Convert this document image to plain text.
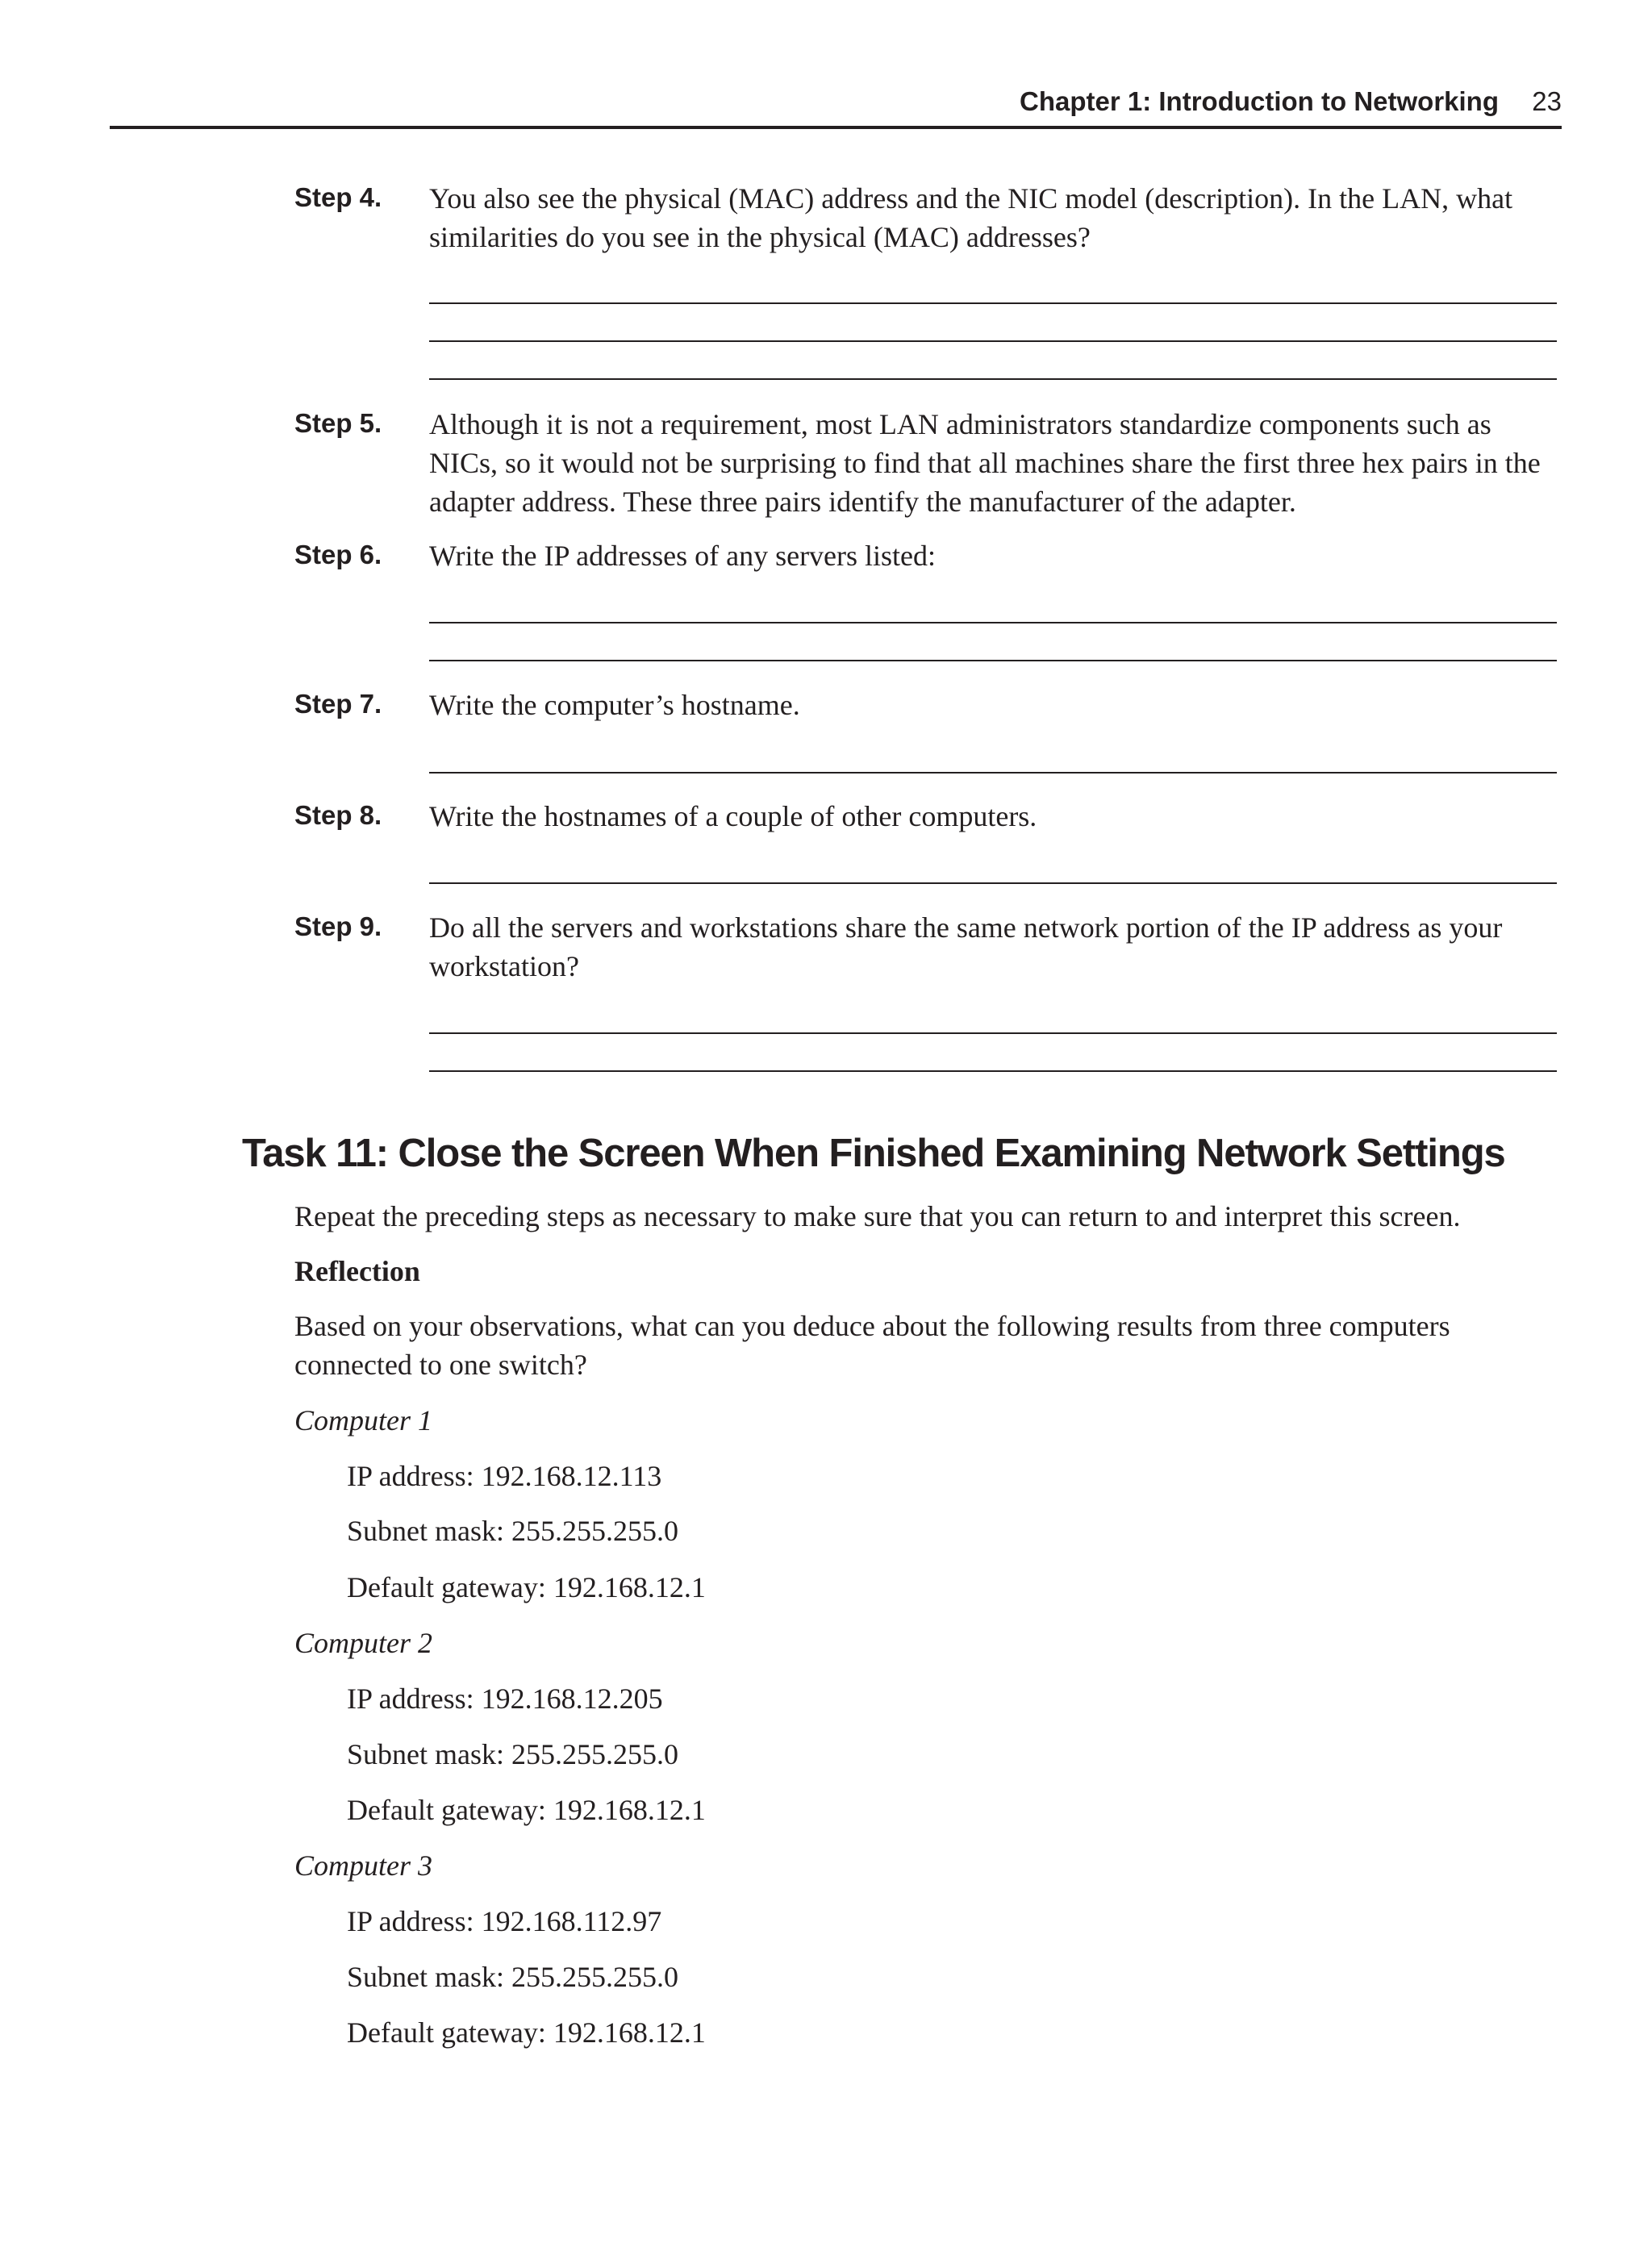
Chapter 1: Introduction to Networking 23
Step 4. You also see the physical (MAC) address and the NIC model (description). In the LAN, what similarities do you see in the physical (MAC) addresses?
Step 5. Although it is not a requirement, most LAN administrators standardize components such as NICs, so it would not be surprising to find that all machines share the first three hex pairs in the adapter address. These three pairs identify the manufacturer of the adapter.
Step 6. Write the IP addresses of any servers listed:
Step 7. Write the computer’s hostname.
Step 8. Write the hostnames of a couple of other computers.
Step 9. Do all the servers and workstations share the same network portion of the IP address as your workstation?
Task 11: Close the Screen When Finished Examining Network Settings
Repeat the preceding steps as necessary to make sure that you can return to and interpret this screen.
Reflection
Based on your observations, what can you deduce about the following results from three computers connected to one switch?
Computer 1
IP address: 192.168.12.113
Subnet mask: 255.255.255.0
Default gateway: 192.168.12.1
Computer 2
IP address: 192.168.12.205
Subnet mask: 255.255.255.0
Default gateway: 192.168.12.1
Computer 3
IP address: 192.168.112.97
Subnet mask: 255.255.255.0
Default gateway: 192.168.12.1
